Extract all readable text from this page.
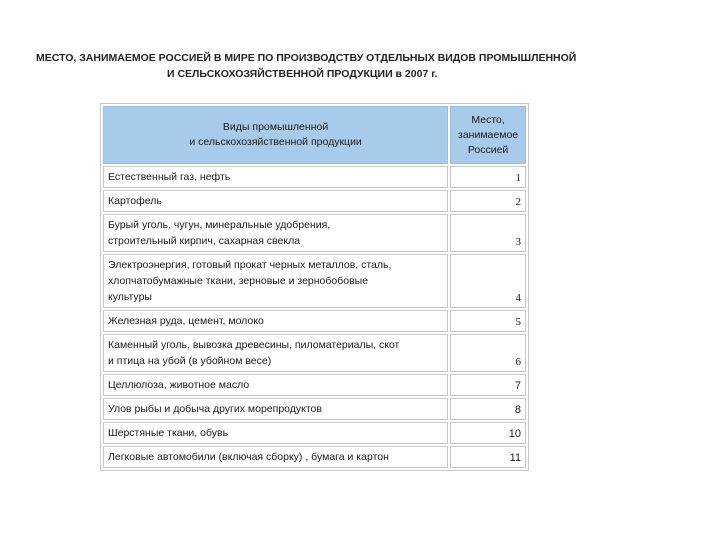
МЕСТО, ЗАНИМАЕМОЕ РОССИЕЙ В МИРЕ ПО ПРОИЗВОДСТВУ ОТДЕЛЬНЫХ ВИДОВ ПРОМЫШЛЕННОЙ
И СЕЛЬСКОХОЗЯЙСТВЕННОЙ ПРОДУКЦИИ в 2007 г.
Виды промышленной
и сельскохозяйственной продукции	Место,
занимаемое
Россией
Естественный газ, нефть	1
Картофель	2
Бурый уголь, чугун, минеральные удобрения,
строительный кирпич, сахарная свекла	3
Электроэнергия, готовый прокат черных металлов, сталь,
хлопчатобумажные ткани, зерновые и зернобобовые
культуры	4
Железная руда, цемент, молоко	5
Каменный уголь, вывозка древесины, пиломатериалы, скот
и птица на убой (в убойном весе)	6
Целлюлоза, животное масло	7
Улов рыбы и добыча других морепродуктов	8
Шерстяные ткани, обувь	10
Легковые автомобили (включая сборку) , бумага и картон	11
